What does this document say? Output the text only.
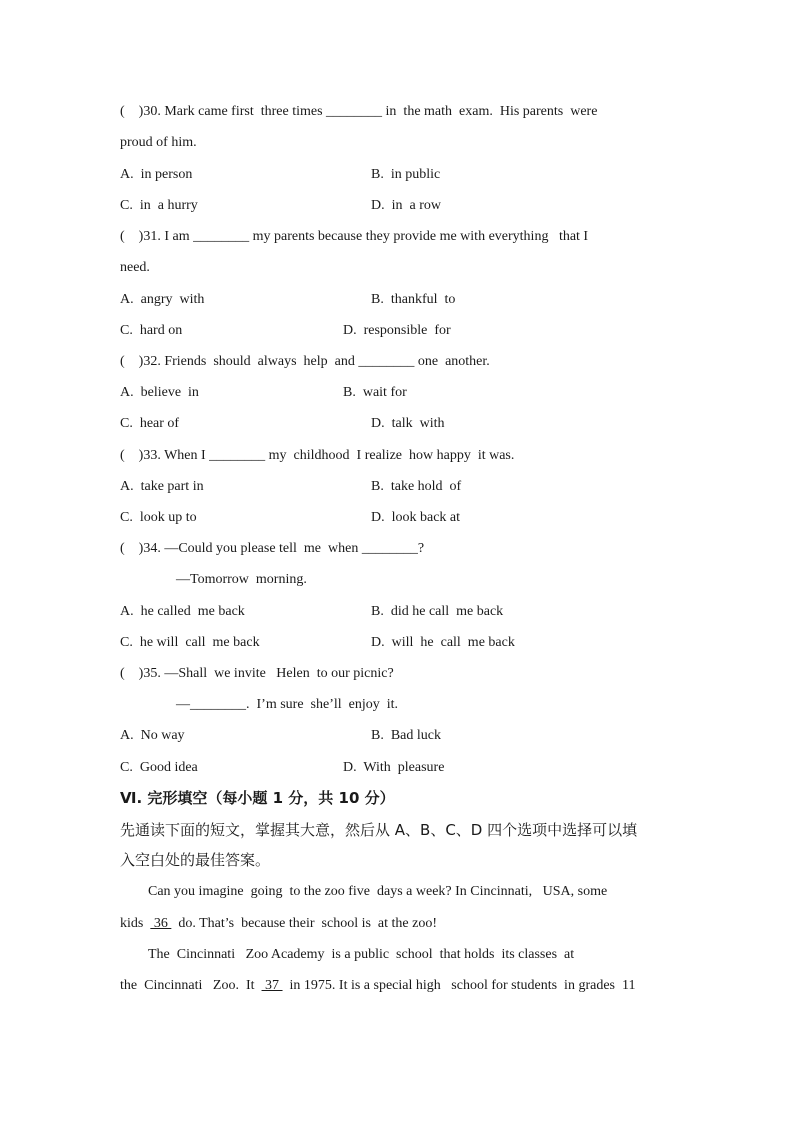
(    )30. Mark came first  three times ________ in  the math  exam.  His parents  were
proud of him.
A.  in person	B.  in public
C.  in  a hurry	D.  in  a row
(    )31. I am ________ my parents because they provide me with everything   that I
need.
A.  angry  with	B.  thankful  to
C.  hard on	D.  responsible  for
(    )32. Friends  should  always  help  and ________ one  another.
A.  believe  in	B.  wait for
C.  hear of	D.  talk  with
(    )33. When I ________ my  childhood  I realize  how happy  it was.
A.  take part in	B.  take hold  of
C.  look up to	D.  look back at
(    )34. —Could you please tell  me  when ________?
—Tomorrow  morning.
A.  he called  me back	B.  did he call  me back
C.  he will  call  me back	D.  will  he  call  me back
(    )35. —Shall  we invite   Helen  to our picnic?
—________.  I’m sure  she’ll  enjoy  it.
A.  No way	B.  Bad luck
C.  Good idea	D.  With  pleasure
Ⅵ. 完形填空（每小题 1 分，共 10 分）
先通读下面的短文，掌握其大意，然后从 A、B、C、D 四个选项中选择可以填
入空白处的最佳答案。
Can you imagine  going  to the zoo five  days a week? In Cincinnati,   USA, some
kids   36   do. That’s  because their  school is  at the zoo!
The  Cincinnati   Zoo Academy  is a public  school  that holds  its classes  at
the  Cincinnati   Zoo.  It   37   in 1975. It is a special high   school for students  in grades  11
